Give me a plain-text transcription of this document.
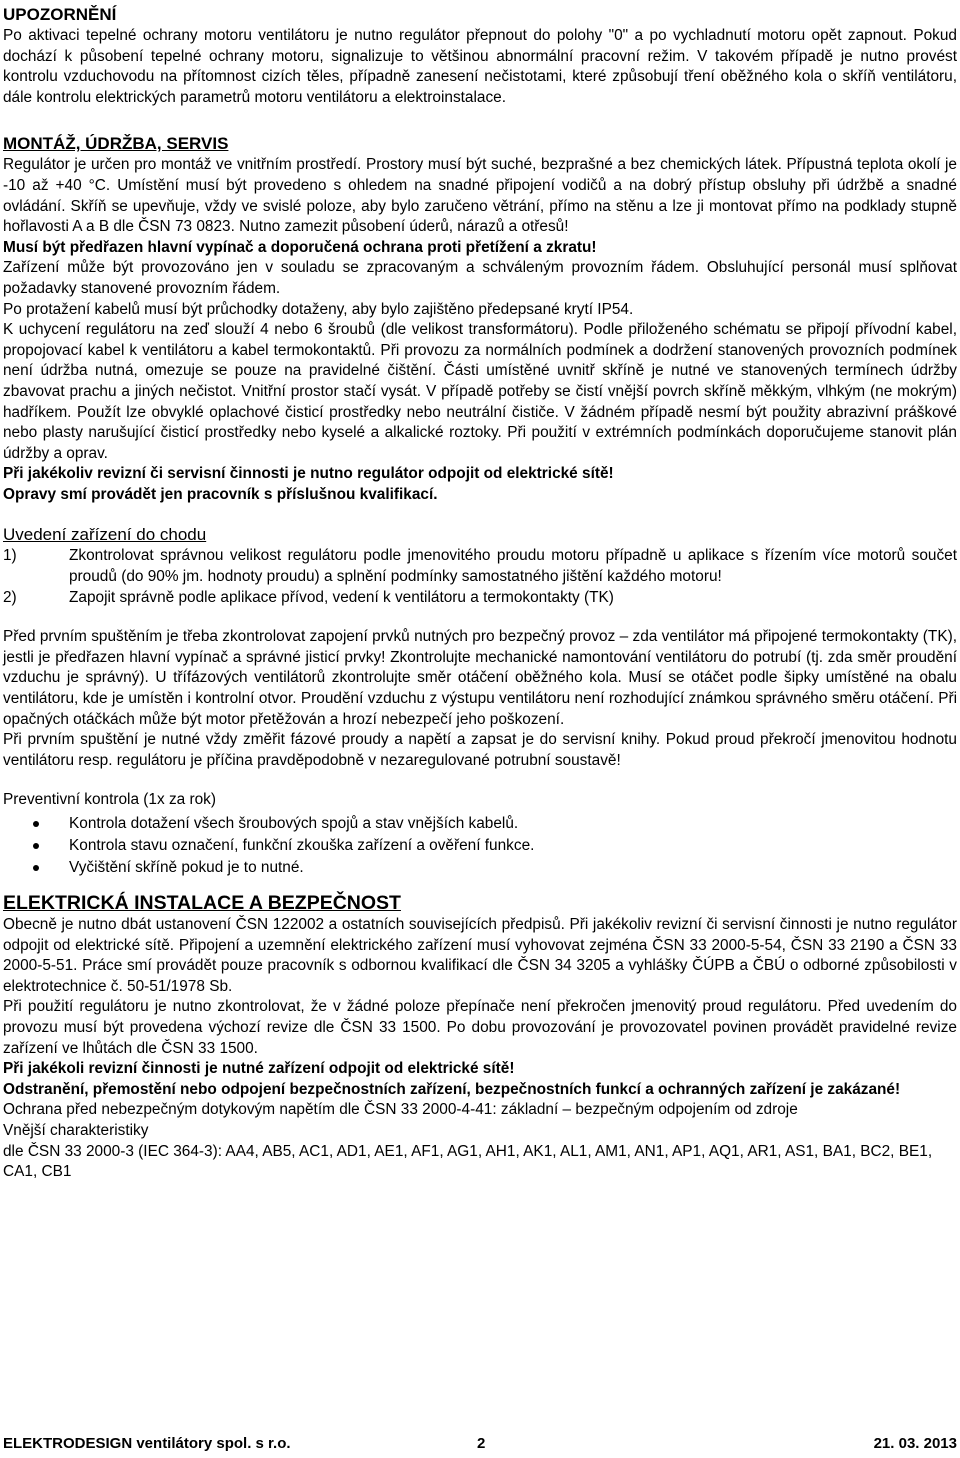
UPOZORNĚNÍ

Po aktivaci tepelné ochrany motoru ventilátoru je nutno regulátor přepnout do polohy "0" a po vychladnutí motoru opět zapnout. Pokud dochází k působení tepelné ochrany motoru, signalizuje to většinou abnormální pracovní režim. V takovém případě je nutno provést kontrolu vzduchovodu na přítomnost cizích těles, případně zanesení nečistotami, které způsobují tření oběžného kola o skříň ventilátoru, dále kontrolu elektrických parametrů motoru ventilátoru a elektroinstalace.

MONTÁŽ, ÚDRŽBA, SERVIS

Regulátor je určen pro montáž ve vnitřním prostředí. Prostory musí být suché, bezprašné a bez chemických látek. Přípustná teplota okolí je -10 až +40 °C. Umístění musí být provedeno s ohledem na snadné připojení vodičů a na dobrý přístup obsluhy při údržbě a snadné ovládání. Skříň se upevňuje, vždy ve svislé poloze, aby bylo zaručeno větrání, přímo na stěnu a lze ji montovat přímo na podklady stupně hořlavosti A a B dle ČSN 73 0823. Nutno zamezit působení úderů, nárazů a otřesů!

Musí být předřazen hlavní vypínač a doporučená ochrana proti přetížení a zkratu!

Zařízení může být provozováno jen v souladu se zpracovaným a schváleným provozním řádem. Obsluhující personál musí splňovat požadavky stanovené provozním řádem.

Po protažení kabelů musí být průchodky dotaženy, aby bylo zajištěno předepsané krytí IP54.

K uchycení regulátoru na zeď slouží 4 nebo 6 šroubů (dle velikost transformátoru). Podle přiloženého schématu se připojí přívodní kabel, propojovací kabel k ventilátoru a kabel termokontaktů. Při provozu za normálních podmínek a dodržení stanovených provozních podmínek není údržba nutná, omezuje se pouze na pravidelné čištění. Části umístěné uvnitř skříně je nutné ve stanovených termínech údržby zbavovat prachu a jiných nečistot. Vnitřní prostor stačí vysát. V případě potřeby se čistí vnější povrch skříně měkkým, vlhkým (ne mokrým) hadříkem. Použít lze obvyklé oplachové čisticí prostředky nebo neutrální čističe. V žádném případě nesmí být použity abrazivní práškové nebo plasty narušující čisticí prostředky nebo kyselé a alkalické roztoky. Při použití v extrémních podmínkách doporučujeme stanovit plán údržby a oprav.

Při jakékoliv revizní či servisní činnosti je nutno regulátor odpojit od elektrické sítě!

Opravy smí provádět jen pracovník s příslušnou kvalifikací.

Uvedení zařízení do chodu
1)	Zkontrolovat správnou velikost regulátoru podle jmenovitého proudu motoru případně u aplikace s řízením více motorů součet proudů (do 90% jm. hodnoty proudu) a splnění podmínky samostatného jištění každého motoru!
2)	Zapojit správně podle aplikace přívod, vedení k ventilátoru a termokontakty (TK)

Před prvním spuštěním je třeba zkontrolovat zapojení prvků nutných pro bezpečný provoz – zda ventilátor má připojené termokontakty (TK), jestli je předřazen hlavní vypínač a správné jisticí prvky! Zkontrolujte mechanické namontování ventilátoru do potrubí (tj. zda směr proudění vzduchu je správný). U třífázových ventilátorů zkontrolujte směr otáčení oběžného kola. Musí se otáčet podle šipky umístěné na obalu ventilátoru, kde je umístěn i kontrolní otvor. Proudění vzduchu z výstupu ventilátoru není rozhodující známkou správného směru otáčení. Při opačných otáčkách může být motor přetěžován a hrozí nebezpečí jeho poškození.

Při prvním spuštění je nutné vždy změřit fázové proudy a napětí a zapsat je do servisní knihy. Pokud proud překročí jmenovitou hodnotu ventilátoru resp. regulátoru je příčina pravděpodobně v nezaregulované potrubní soustavě!

Preventivní kontrola (1x za rok)
Kontrola dotažení všech šroubových spojů a stav vnějších kabelů.
Kontrola stavu označení, funkční zkouška zařízení a ověření funkce.
Vyčištění skříně pokud je to nutné.
ELEKTRICKÁ INSTALACE A BEZPEČNOST

Obecně je nutno dbát ustanovení ČSN 122002 a ostatních souvisejících předpisů. Při jakékoliv revizní či servisní činnosti je nutno regulátor odpojit od elektrické sítě. Připojení a uzemnění elektrického zařízení musí vyhovovat zejména ČSN 33 2000-5-54, ČSN 33 2190 a ČSN 33 2000-5-51. Práce smí provádět pouze pracovník s odbornou kvalifikací dle ČSN 34 3205 a vyhlášky ČÚPB a ČBÚ o odborné způsobilosti v elektrotechnice č. 50-51/1978 Sb.

Při použití regulátoru je nutno zkontrolovat, že v žádné poloze přepínače není překročen jmenovitý proud regulátoru. Před uvedením do provozu musí být provedena výchozí revize dle ČSN 33 1500. Po dobu provozování je provozovatel povinen provádět pravidelné revize zařízení ve lhůtách dle ČSN 33 1500.

Při jakékoli revizní činnosti je nutné zařízení odpojit od elektrické sítě!

Odstranění, přemostění nebo odpojení bezpečnostních zařízení, bezpečnostních funkcí a ochranných zařízení je zakázané!

Ochrana před nebezpečným dotykovým napětím dle ČSN 33 2000-4-41: základní – bezpečným odpojením od zdroje

Vnější charakteristiky

dle ČSN 33 2000-3 (IEC 364-3): AA4, AB5, AC1, AD1, AE1, AF1, AG1, AH1, AK1, AL1, AM1, AN1, AP1, AQ1, AR1, AS1, BA1, BC2, BE1, CA1, CB1

ELEKTRODESIGN ventilátory spol. s r.o.	2	21. 03. 2013
